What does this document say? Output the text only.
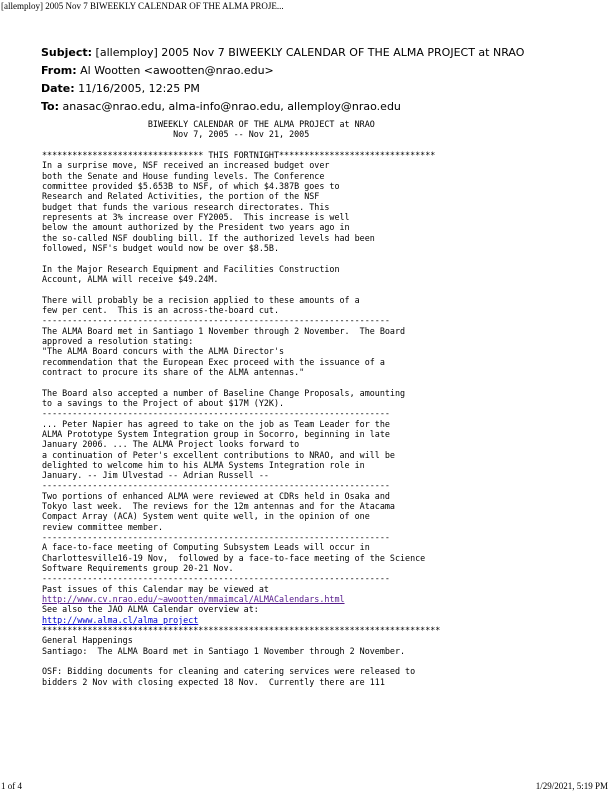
[allemploy] 2005 Nov 7 BIWEEKLY CALENDAR OF THE ALMA PROJE...
Subject: [allemploy] 2005 Nov 7 BIWEEKLY CALENDAR OF THE ALMA PROJECT at NRAO
From: Al Wootten <awootten@nrao.edu>
Date: 11/16/2005, 12:25 PM
To: anasac@nrao.edu, alma-info@nrao.edu, allemploy@nrao.edu
BIWEEKLY CALENDAR OF THE ALMA PROJECT at NRAO
Nov 7, 2005 -- Nov 21, 2005
******************************** THIS FORTNIGHT*******************************
In a surprise move, NSF received an increased budget over
both the Senate and House funding levels. The Conference
committee provided $5.653B to NSF, of which $4.387B goes to
Research and Related Activities, the portion of the NSF
budget that funds the various research directorates. This
represents at 3% increase over FY2005.  This increase is well
below the amount authorized by the President two years ago in
the so-called NSF doubling bill. If the authorized levels had been
followed, NSF's budget would now be over $8.5B.
In the Major Research Equipment and Facilities Construction
Account, ALMA will receive $49.24M.
There will probably be a recision applied to these amounts of a
few per cent.  This is an across-the-board cut.
---------------------------------------------------------------------
The ALMA Board met in Santiago 1 November through 2 November.  The Board
approved a resolution stating:
"The ALMA Board concurs with the ALMA Director's
recommendation that the European Exec proceed with the issuance of a
contract to procure its share of the ALMA antennas."
The Board also accepted a number of Baseline Change Proposals, amounting
to a savings to the Project of about $17M (Y2K).
---------------------------------------------------------------------
... Peter Napier has agreed to take on the job as Team Leader for the
ALMA Prototype System Integration group in Socorro, beginning in late
January 2006. ... The ALMA Project looks forward to
a continuation of Peter's excellent contributions to NRAO, and will be
delighted to welcome him to his ALMA Systems Integration role in
January. -- Jim Ulvestad -- Adrian Russell --
---------------------------------------------------------------------
Two portions of enhanced ALMA were reviewed at CDRs held in Osaka and
Tokyo last week.  The reviews for the 12m antennas and for the Atacama
Compact Array (ACA) System went quite well, in the opinion of one
review committee member.
---------------------------------------------------------------------
A face-to-face meeting of Computing Subsystem Leads will occur in
Charlottesville16-19 Nov,  followed by a face-to-face meeting of the Science
Software Requirements group 20-21 Nov.
---------------------------------------------------------------------
Past issues of this Calendar may be viewed at
http://www.cv.nrao.edu/~awootten/mmaimcal/ALMACalendars.html
See also the JAO ALMA Calendar overview at:
http://www.alma.cl/alma_project
*******************************************************************************
General Happenings
Santiago:  The ALMA Board met in Santiago 1 November through 2 November.
OSF: Bidding documents for cleaning and catering services were released to
bidders 2 Nov with closing expected 18 Nov.  Currently there are 111
1 of 4	1/29/2021, 5:19 PM
